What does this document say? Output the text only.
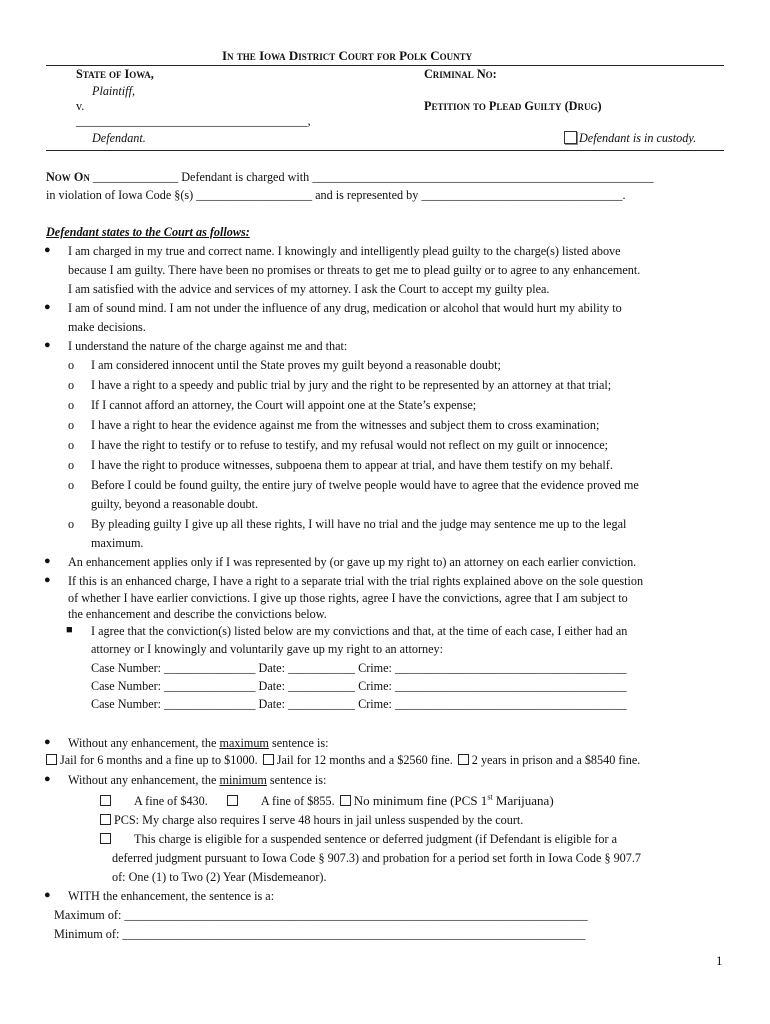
In the Iowa District Court for Polk County
State of Iowa,
Plaintiff,
v.
______________________________________,
Defendant.
Criminal No:
Petition to Plead Guilty (Drug)
Defendant is in custody.
Now On ______________ Defendant is charged with ________________________________________________________
in violation of Iowa Code §(s) ___________________ and is represented by _________________________________.
Defendant states to the Court as follows:
● I am charged in my true and correct name. I knowingly and intelligently plead guilty to the charge(s) listed above
because I am guilty. There have been no promises or threats to get me to plead guilty or to agree to any enhancement.
I am satisfied with the advice and services of my attorney. I ask the Court to accept my guilty plea.
● I am of sound mind. I am not under the influence of any drug, medication or alcohol that would hurt my ability to
make decisions.
● I understand the nature of the charge against me and that:
o I am considered innocent until the State proves my guilt beyond a reasonable doubt;
o I have a right to a speedy and public trial by jury and the right to be represented by an attorney at that trial;
o If I cannot afford an attorney, the Court will appoint one at the State’s expense;
o I have a right to hear the evidence against me from the witnesses and subject them to cross examination;
o I have the right to testify or to refuse to testify, and my refusal would not reflect on my guilt or innocence;
o I have the right to produce witnesses, subpoena them to appear at trial, and have them testify on my behalf.
o Before I could be found guilty, the entire jury of twelve people would have to agree that the evidence proved me
guilty, beyond a reasonable doubt.
o By pleading guilty I give up all these rights, I will have no trial and the judge may sentence me up to the legal
maximum.
● An enhancement applies only if I was represented by (or gave up my right to) an attorney on each earlier conviction.
● If this is an enhanced charge, I have a right to a separate trial with the trial rights explained above on the sole question
of whether I have earlier convictions. I give up those rights, agree I have the convictions, agree that I am subject to
the enhancement and describe the convictions below.
■ I agree that the conviction(s) listed below are my convictions and that, at the time of each case, I either had an
attorney or I knowingly and voluntarily gave up my right to an attorney:
Case Number: _______________ Date: ___________ Crime: ______________________________________
Case Number: _______________ Date: ___________ Crime: ______________________________________
Case Number: _______________ Date: ___________ Crime: ______________________________________
● Without any enhancement, the maximum sentence is:
Jail for 6 months and a fine up to $1000. Jail for 12 months and a $2560 fine. 2 years in prison and a $8540 fine.
● Without any enhancement, the minimum sentence is:
A fine of $430.	A fine of $855. No minimum fine (PCS 1st Marijuana)
PCS: My charge also requires I serve 48 hours in jail unless suspended by the court.
This charge is eligible for a suspended sentence or deferred judgment (if Defendant is eligible for a
deferred judgment pursuant to Iowa Code § 907.3) and probation for a period set forth in Iowa Code § 907.7
of: One (1) to Two (2) Year (Misdemeanor).
● WITH the enhancement, the sentence is a:
Maximum of: ____________________________________________________________________________
Minimum of: ____________________________________________________________________________
1
